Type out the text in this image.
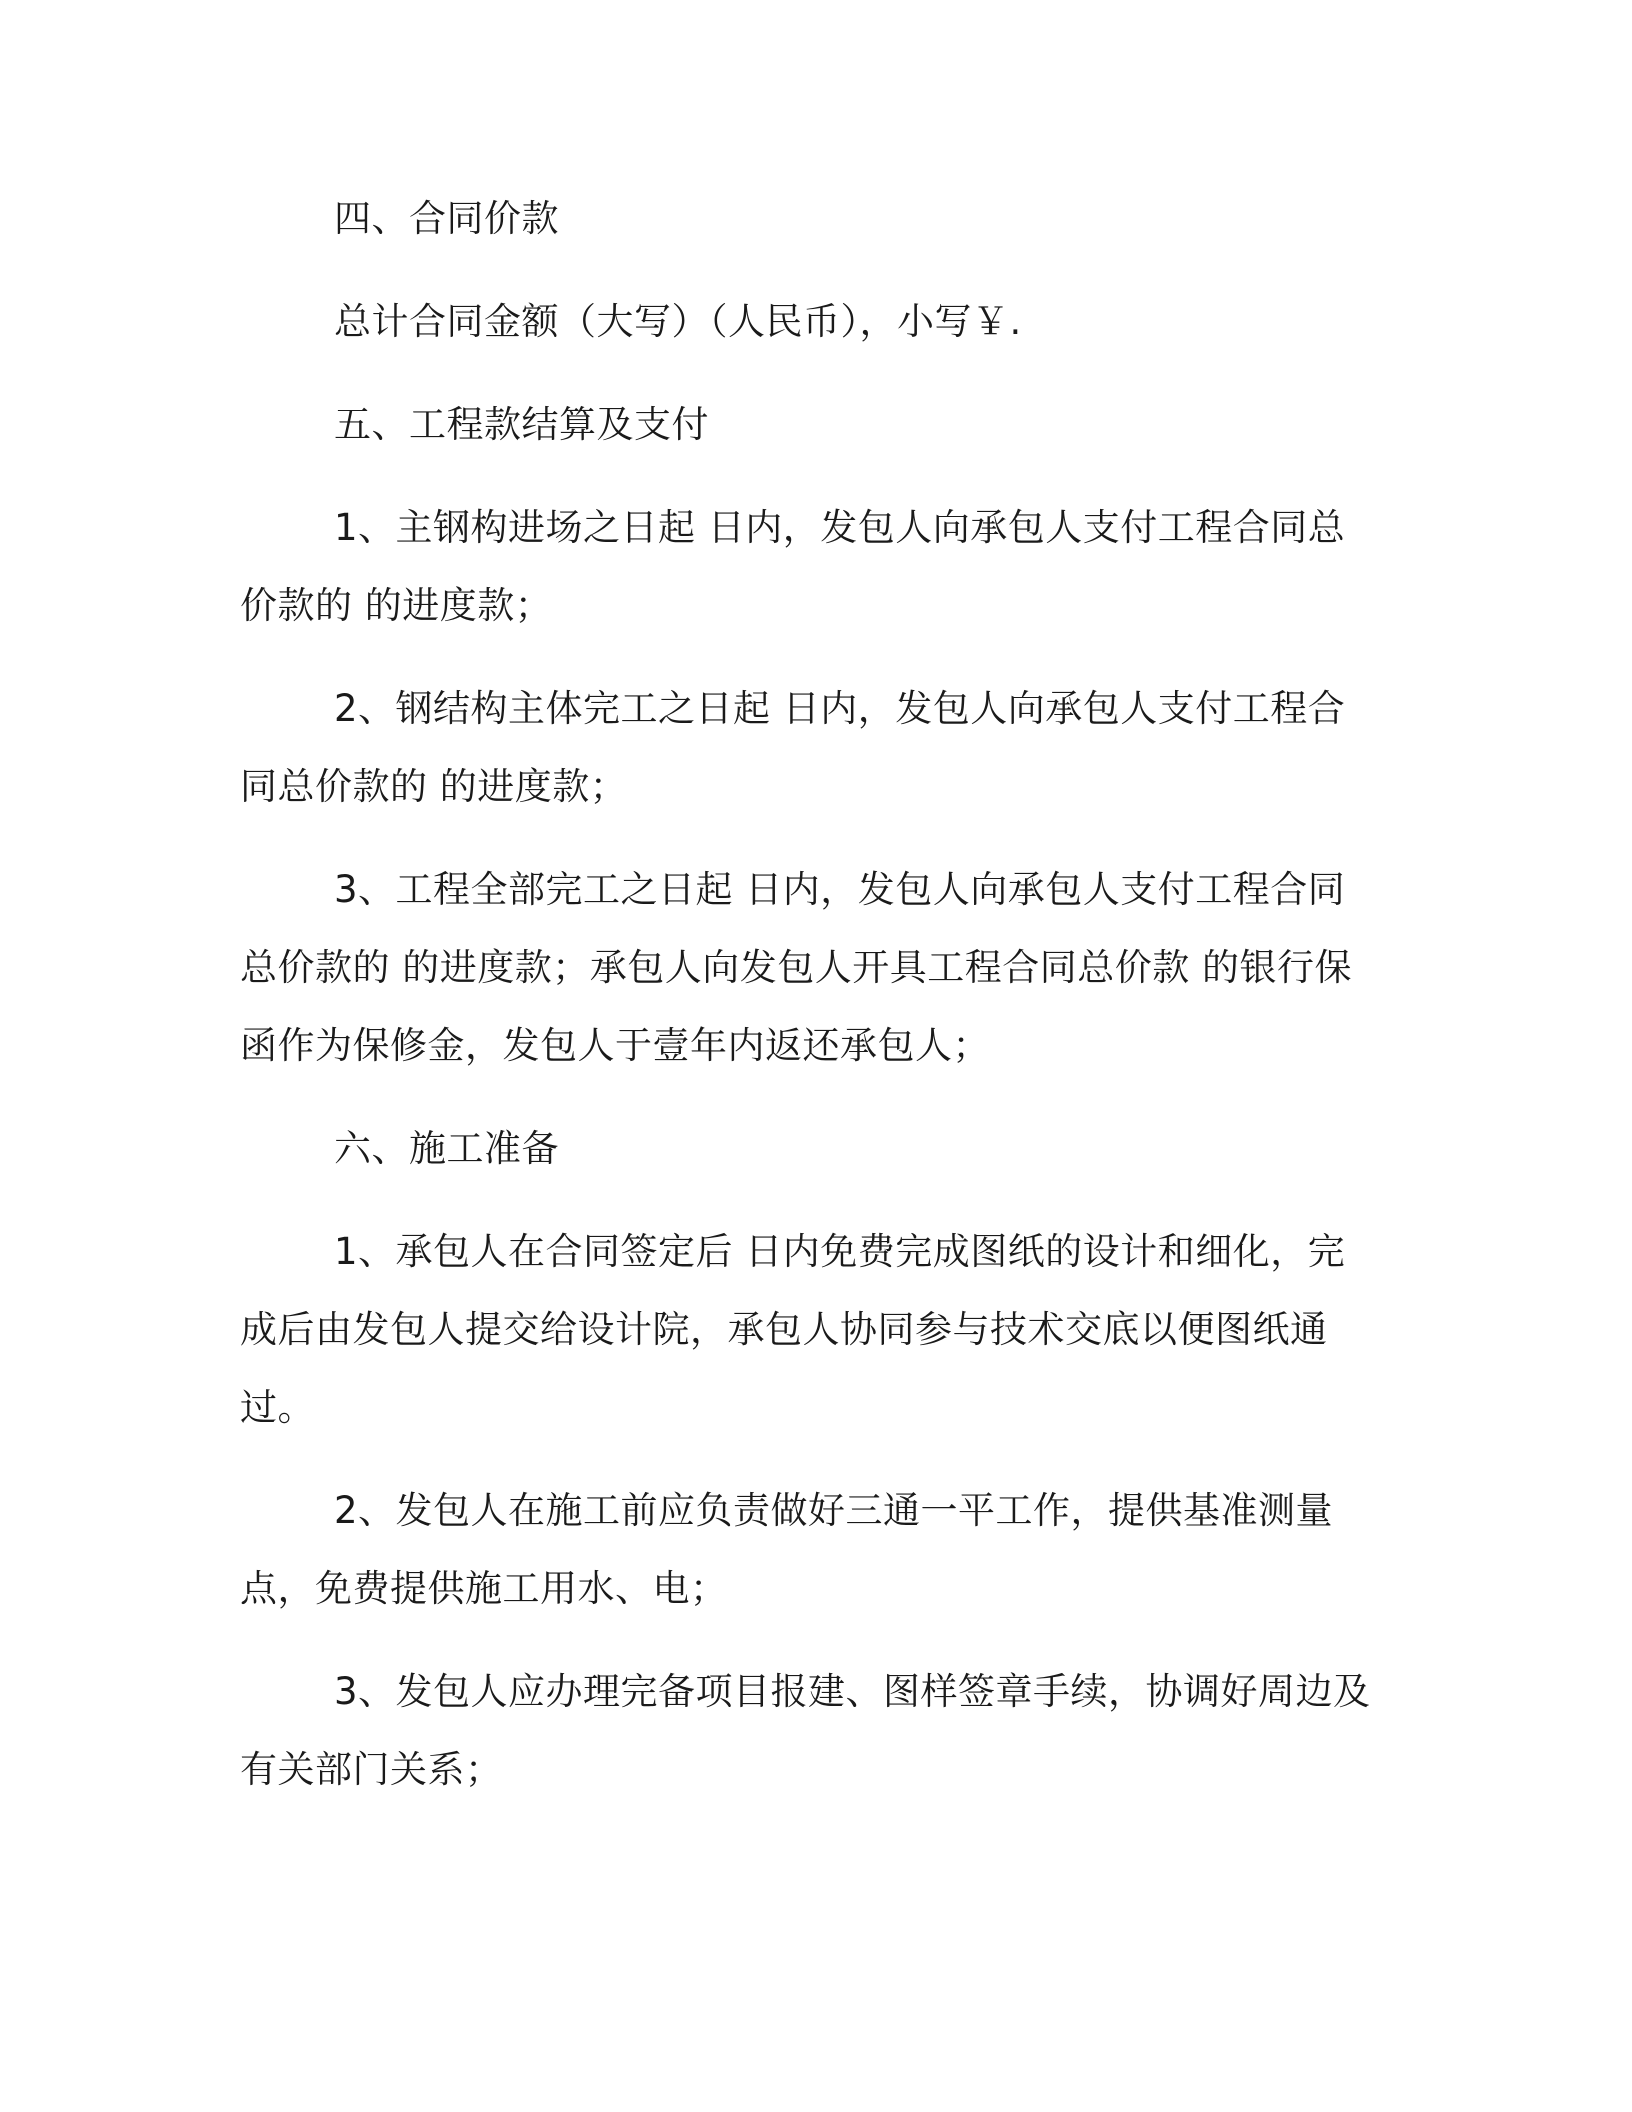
四、合同价款

总计合同金额（大写）（人民币），小写￥.

五、工程款结算及支付

1、主钢构进场之日起 日内，发包人向承包人支付工程合同总价款的 的进度款；

2、钢结构主体完工之日起 日内，发包人向承包人支付工程合同总价款的 的进度款；

3、工程全部完工之日起 日内，发包人向承包人支付工程合同总价款的 的进度款；承包人向发包人开具工程合同总价款 的银行保函作为保修金，发包人于壹年内返还承包人；

六、施工准备

1、承包人在合同签定后 日内免费完成图纸的设计和细化，完成后由发包人提交给设计院，承包人协同参与技术交底以便图纸通过。

2、发包人在施工前应负责做好三通一平工作，提供基准测量点，免费提供施工用水、电；

3、发包人应办理完备项目报建、图样签章手续，协调好周边及有关部门关系；
